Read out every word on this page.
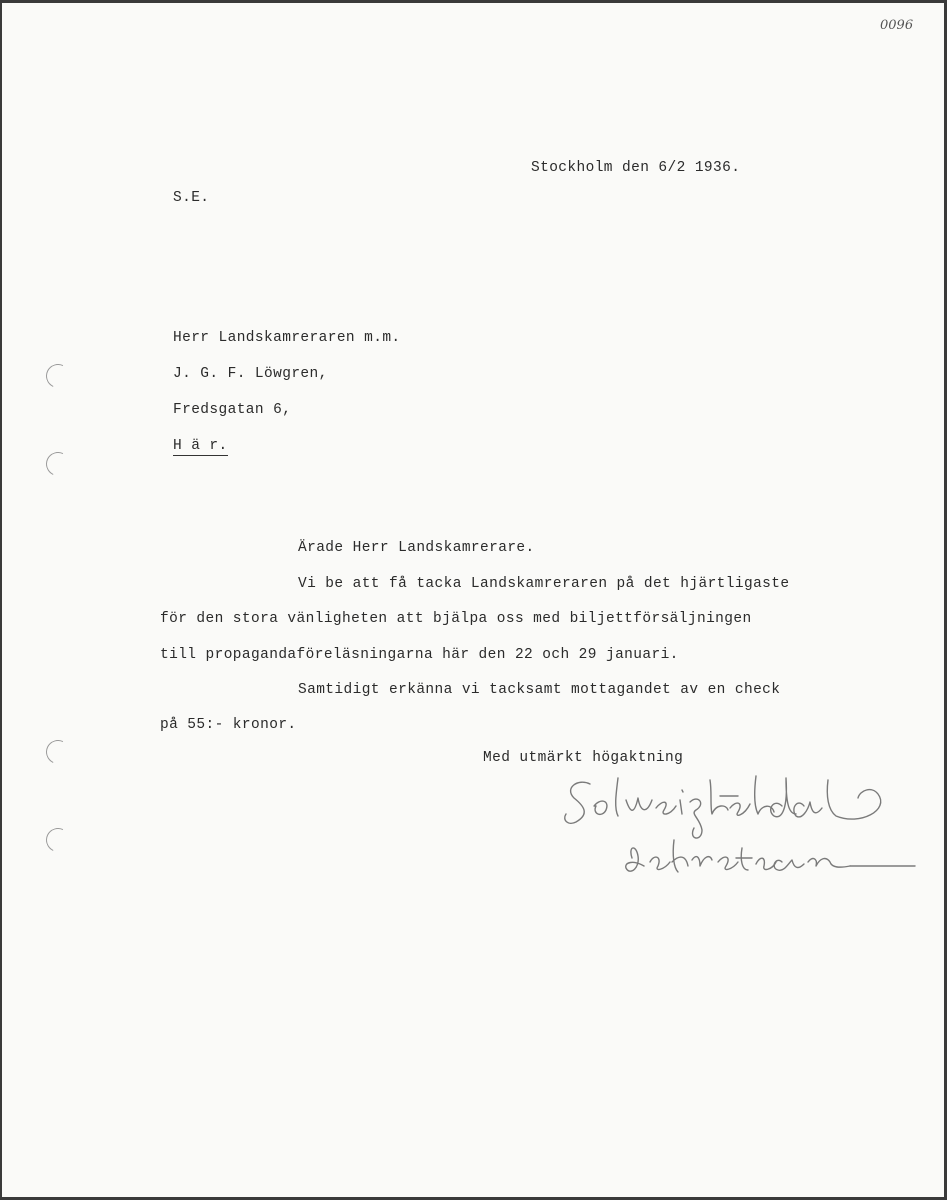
0096
Stockholm den 6/2 1936.
S.E.
Herr Landskamreraren m.m.
J. G. F. Löwgren,
Fredsgatan 6,
H ä r.
Ärade Herr Landskamrerare.
Vi be att få tacka Landskamreraren på det hjärtligaste
för den stora vänligheten att bjälpa oss med biljettförsäljningen
till propagandaföreläsningarna här den 22 och 29 januari.
Samtidigt erkänna vi tacksamt mottagandet av en check
på 55:- kronor.
Med utmärkt högaktning
